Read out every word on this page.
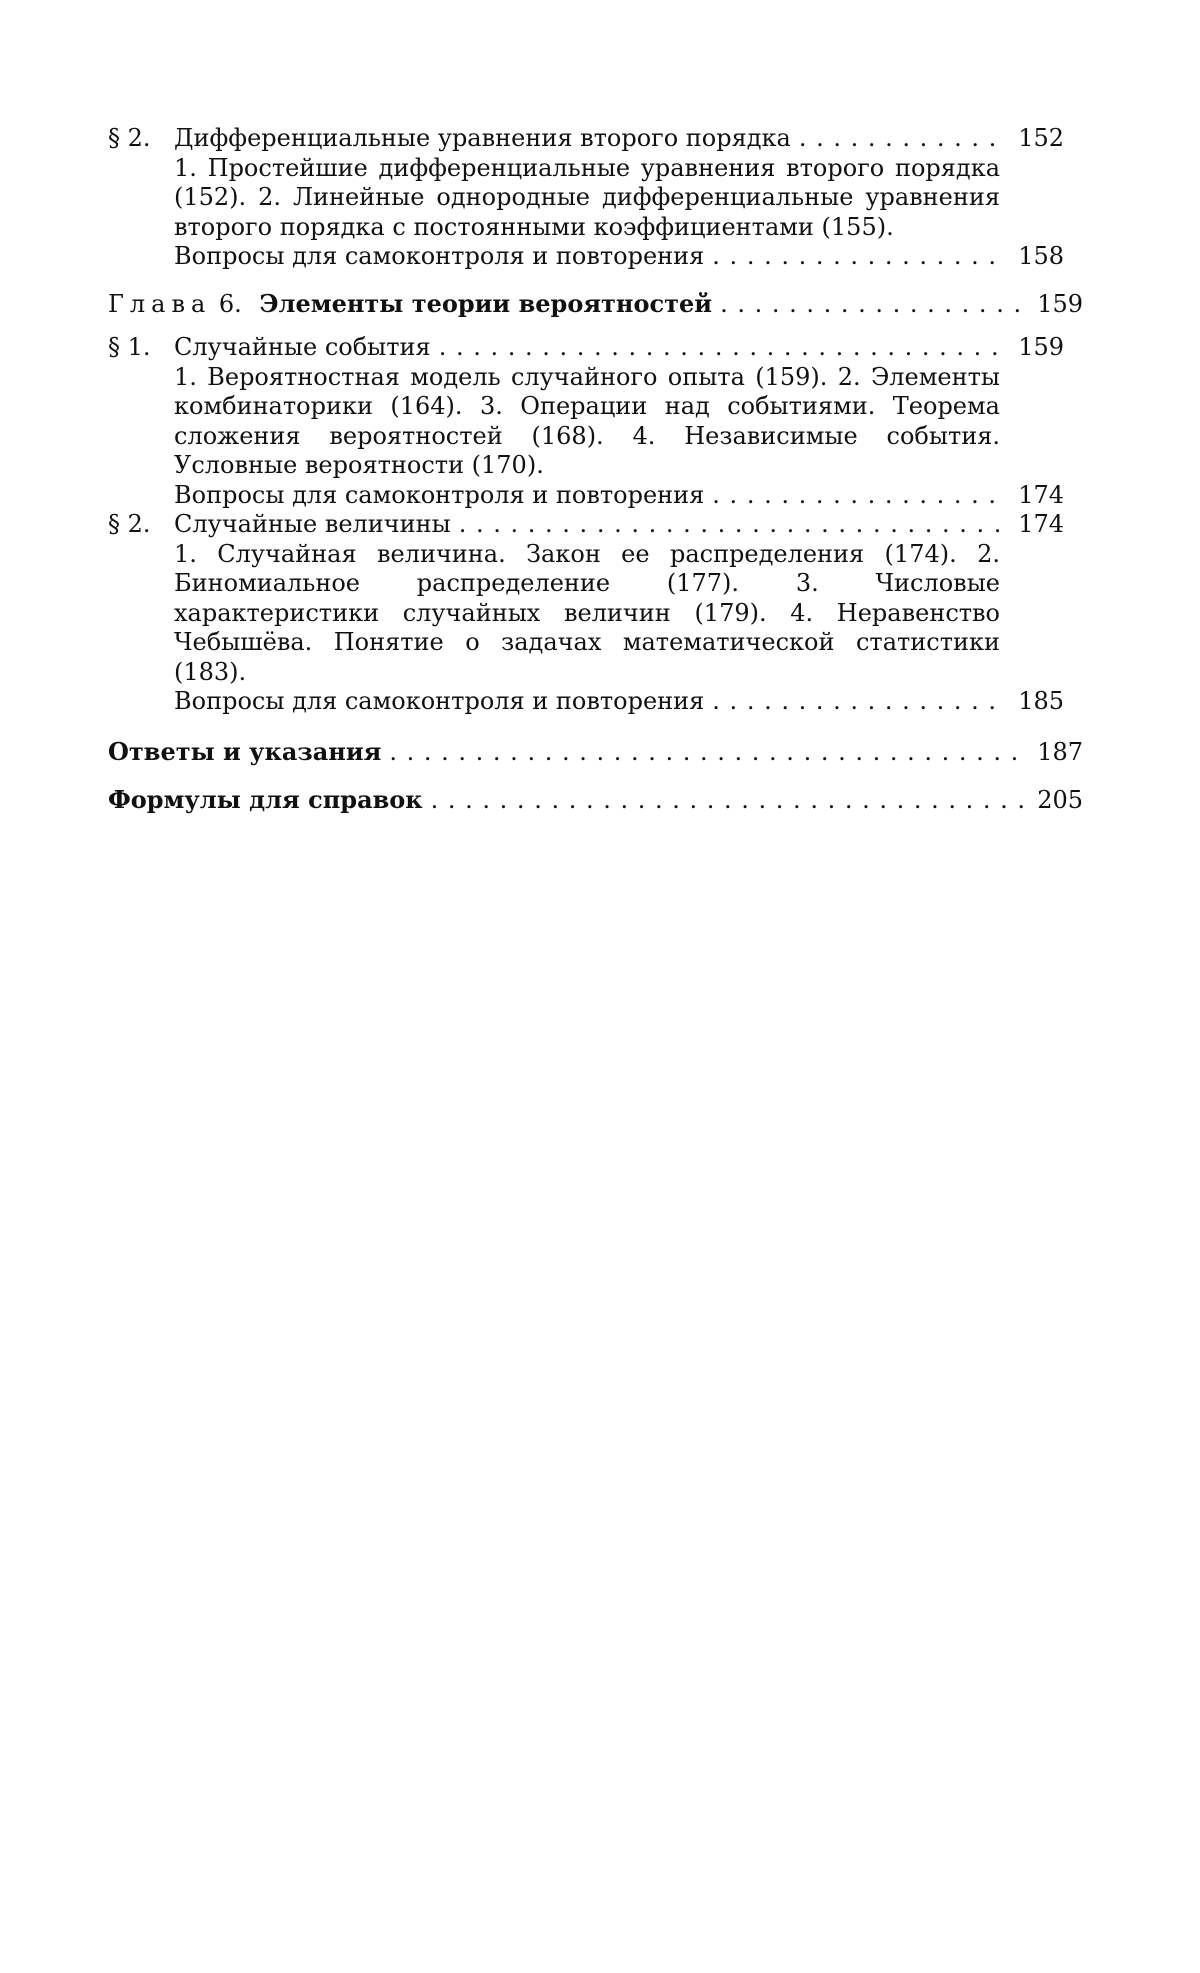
§ 2. Дифференциальные уравнения второго порядка . . .	152
1. Простейшие дифференциальные уравнения второго порядка (152). 2. Линейные однородные дифференциальные уравнения второго порядка с постоянными коэффициентами (155).
Вопросы для самоконтроля и повторения . . .	158
Глава 6. Элементы теории вероятностей . . .	159
§ 1. Случайные события . . .	159
1. Вероятностная модель случайного опыта (159). 2. Элементы комбинаторики (164). 3. Операции над событиями. Теорема сложения вероятностей (168). 4. Независимые события. Условные вероятности (170).
Вопросы для самоконтроля и повторения . . .	174
§ 2. Случайные величины . . .	174
1. Случайная величина. Закон ее распределения (174). 2. Биномиальное распределение (177). 3. Числовые характеристики случайных величин (179). 4. Неравенство Чебышёва. Понятие о задачах математической статистики (183).
Вопросы для самоконтроля и повторения . . .	185
Ответы и указания . . .	187
Формулы для справок . . .	205
